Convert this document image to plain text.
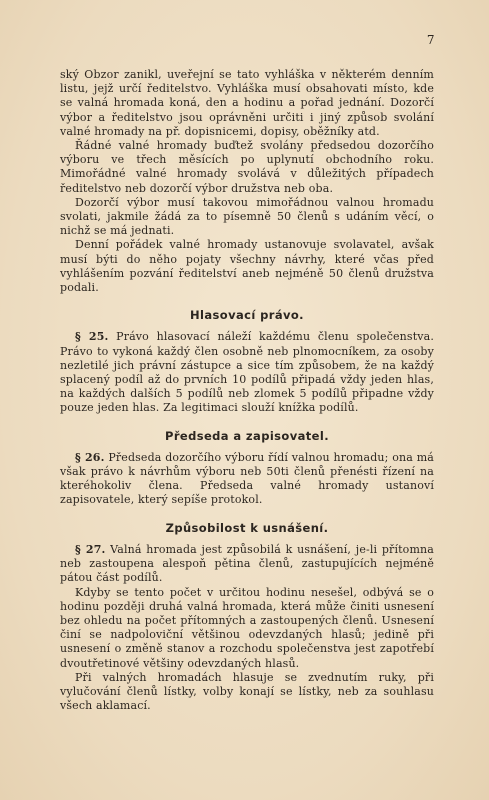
7

ský Obzor zanikl, uveřejní se tato vyhláška v některém denním listu, jejž určí ředitelstvo. Vyhláška musí obsahovati místo, kde se valná hromada koná, den a hodinu a pořad jednání. Dozorčí výbor a ředitelstvo jsou oprávněni určiti i jiný způsob svolání valné hromady na př. dopisnicemi, dopisy, oběžníky atd.

Řádné valné hromady buďtež svolány předsedou dozorčího výboru ve třech měsících po uplynutí obchodního roku. Mimořádné valné hromady svolává v důležitých případech ředitelstvo neb dozorčí výbor družstva neb oba.

Dozorčí výbor musí takovou mimořádnou valnou hromadu svolati, jakmile žádá za to písemně 50 členů s udáním věcí, o nichž se má jednati.

Denní pořádek valné hromady ustanovuje svolavatel, avšak musí býti do něho pojaty všechny návrhy, které včas před vyhlášením pozvání ředitelství aneb nejméně 50 členů družstva podali.

Hlasovací právo.

§ 25. Právo hlasovací náleží každému členu společenstva. Právo to vykoná každý člen osobně neb plnomocníkem, za osoby nezletilé jich právní zástupce a sice tím způsobem, že na každý splacený podíl až do prvních 10 podílů připadá vždy jeden hlas, na každých dalších 5 podílů neb zlomek 5 podílů připadne vždy pouze jeden hlas. Za legitimaci slouží knížka podílů.

Předseda a zapisovatel.

§ 26. Předseda dozorčího výboru řídí valnou hromadu; ona má však právo k návrhům výboru neb 50ti členů přenésti řízení na kteréhokoliv člena. Předseda valné hromady ustanoví zapisovatele, který sepíše protokol.

Způsobilost k usnášení.

§ 27. Valná hromada jest způsobilá k usnášení, je-li přítomna neb zastoupena alespoň pětina členů, zastupujících nejméně pátou část podílů.

Kdyby se tento počet v určitou hodinu nesešel, odbývá se o hodinu později druhá valná hromada, která může činiti usnesení bez ohledu na počet přítomných a zastoupených členů. Usnesení činí se nadpoloviční většinou odevzdaných hlasů; jedině při usnesení o změně stanov a rozchodu společenstva jest zapotřebí dvoutřetinové většiny odevzdaných hlasů.

Při valných hromadách hlasuje se zvednutím ruky, při vylučování členů lístky, volby konají se lístky, neb za souhlasu všech aklamací.
